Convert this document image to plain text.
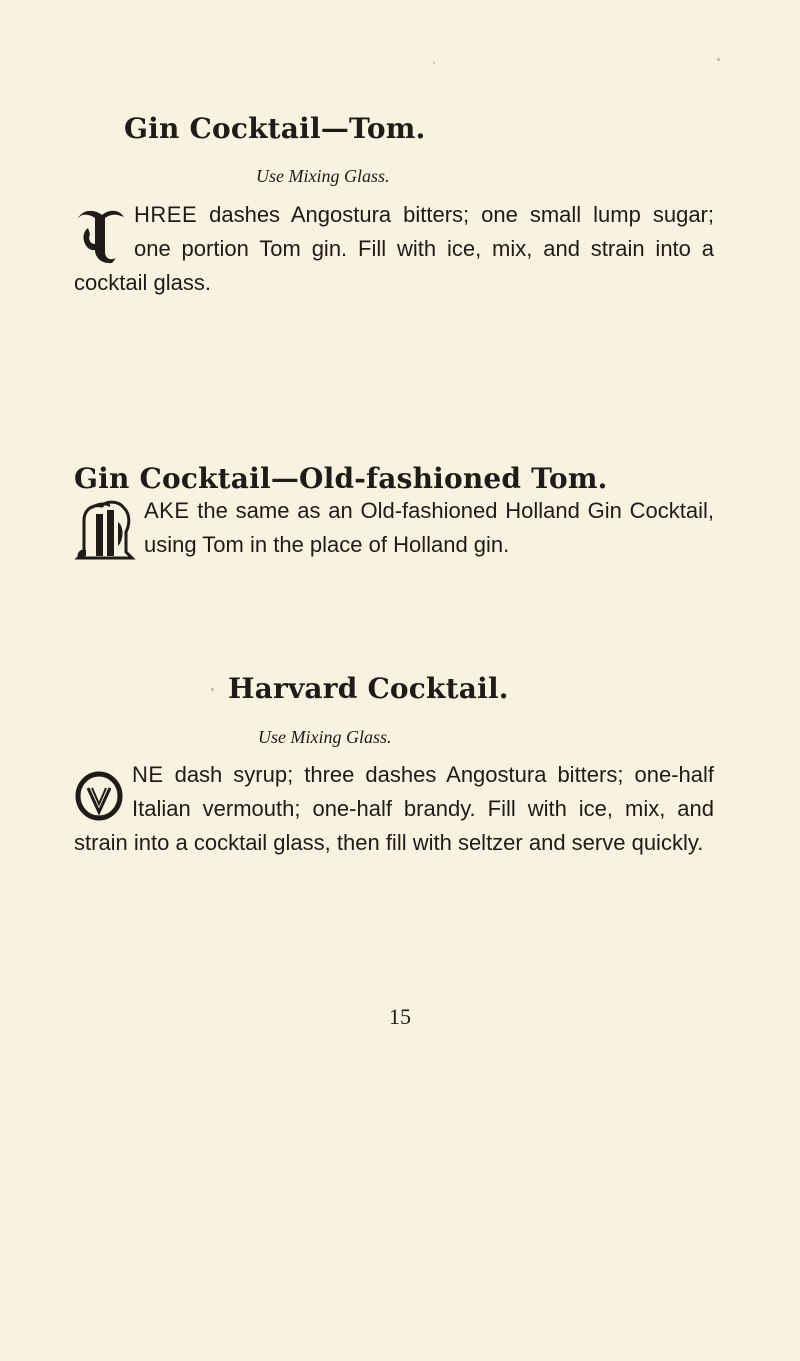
Gin Cocktail—Tom.
Use Mixing Glass.
HREE dashes Angostura bitters; one small lump sugar; one portion Tom gin. Fill with ice, mix, and strain into a cocktail glass.
Gin Cocktail—Old-fashioned Tom.
AKE the same as an Old-fashioned Holland Gin Cocktail, using Tom in the place of Holland gin.
Harvard Cocktail.
Use Mixing Glass.
NE dash syrup; three dashes Angostura bitters; one-half Italian vermouth; one-half brandy. Fill with ice, mix, and strain into a cocktail glass, then fill with seltzer and serve quickly.
15
